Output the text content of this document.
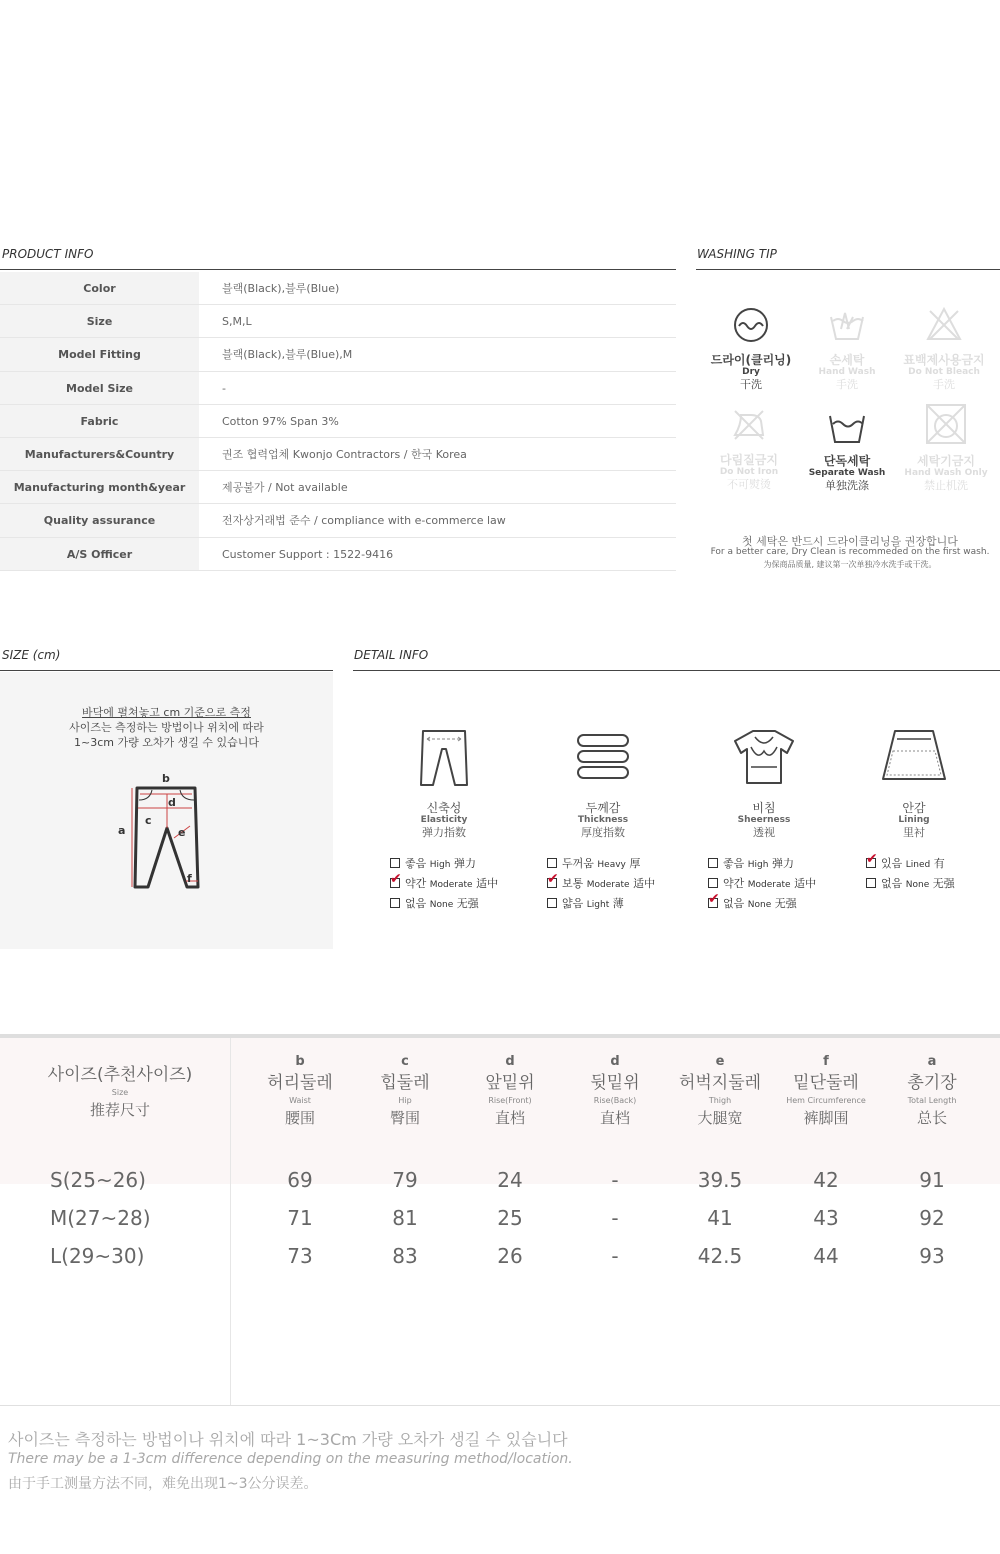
PRODUCT INFO
Color	블랙(Black),블루(Blue)
Size	S,M,L
Model Fitting	블랙(Black),블루(Blue),M
Model Size	-
Fabric	Cotton 97% Span 3%
Manufacturers&Country	권조 협력업체 Kwonjo Contractors / 한국 Korea
Manufacturing month&year	제공불가 / Not available
Quality assurance	전자상거래법 준수 / compliance with e-commerce law
A/S Officer	Customer Support : 1522-9416
WASHING TIP
드라이(클리닝)
Dry
干洗
손세탁
Hand Wash
手洗
표백제사용금지
Do Not Bleach
手洗
다림질금지
Do Not Iron
不可熨烫
단독세탁
Separate Wash
单独洗涤
세탁기금지
Hand Wash Only
禁止机洗
첫 세탁은 반드시 드라이클리닝을 권장합니다
For a better care, Dry Clean is recommeded on the first wash.
为保商品质量, 建议第一次单独冷水洗手或干洗。
SIZE (cm)
바닥에 펼쳐놓고 cm 기준으로 측정
사이즈는 측정하는 방법이나 위치에 따라
1~3cm 가량 오차가 생길 수 있습니다
b
a
c
d
e
f
DETAIL INFO
신축성
Elasticity
弹力指数
두께감
Thickness
厚度指数
비침
Sheerness
透视
안감
Lining
里衬
좋음 High 弹力
✔ 약간 Moderate 适中
없음 None 无强
두꺼움 Heavy 厚
✔ 보통 Moderate 适中
얇음 Light 薄
좋음 High 弹力
약간 Moderate 适中
✔ 없음 None 无强
✔ 있음 Lined 有
없음 None 无强
사이즈(추천사이즈)
Size
推荐尺寸
b
허리둘레
Waist
腰围
c
힙둘레
Hip
臀围
d
앞밑위
Rise(Front)
直档
d
뒷밑위
Rise(Back)
直档
e
허벅지둘레
Thigh
大腿宽
f
밑단둘레
Hem Circumference
裤脚围
a
총기장
Total Length
总长
S(25~26)	69	79	24	-	39.5	42	91
M(27~28)	71	81	25	-	41	43	92
L(29~30)	73	83	26	-	42.5	44	93
사이즈는 측정하는 방법이나 위치에 따라 1~3Cm 가량 오차가 생길 수 있습니다
There may be a 1-3cm difference depending on the measuring method/location.
由于手工测量方法不同，难免出现1~3公分误差。
